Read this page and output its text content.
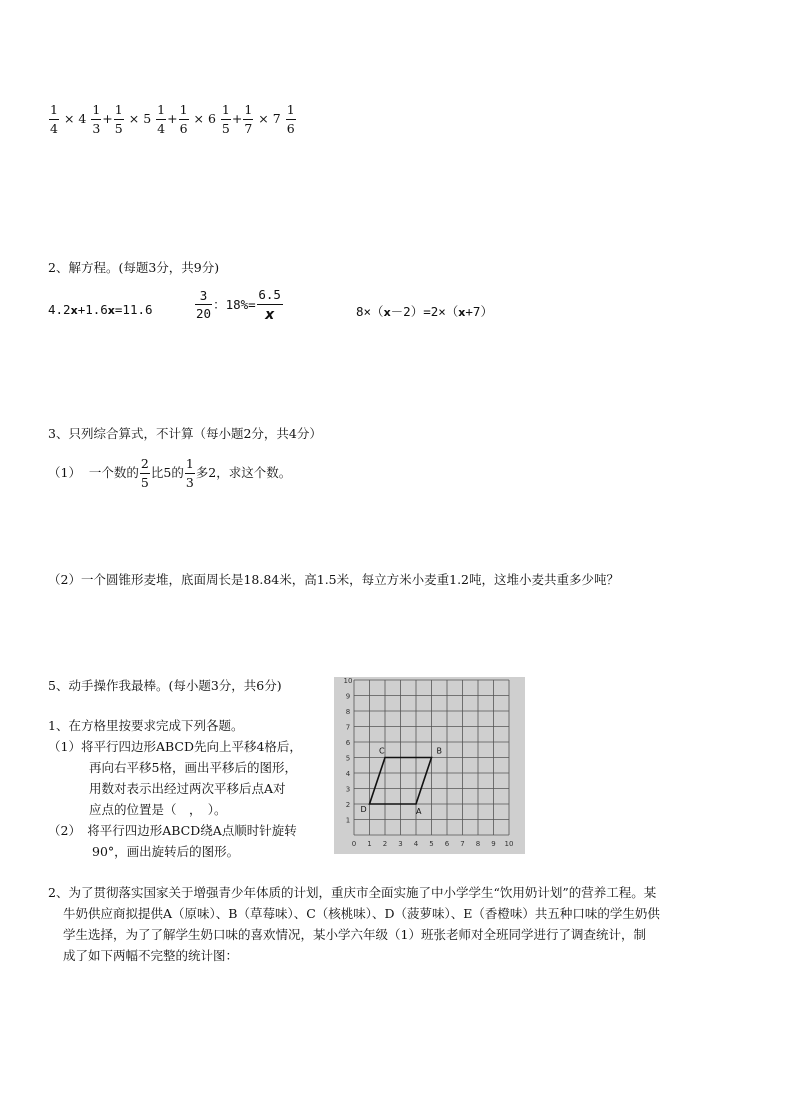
$\frac{1}{4} \times 4 \frac{1}{3} + \frac{1}{5} \times 5 \frac{1}{4} + \frac{1}{6} \times 6 \frac{1}{5} + \frac{1}{7} \times 7 \frac{1}{6}$
2、解方程。(每题3分，共9分)
4.2x+1.6x=11.6	$\frac{3}{20}$ ：$18\%= \frac{6.5}{x}$	8×（x－2）=2×（x+7）
3、只列综合算式，不计算（每小题2分，共4分）
（1） 一个数的 $\frac{2}{5}$ 比5的 $\frac{1}{3}$ 多2，求这个数。
（2）一个圆锥形麦堆，底面周长是18.84米，高1.5米，每立方米小麦重1.2吨，这堆小麦共重多少吨？
5、动手操作我最棒。(每小题3分，共6分)
1、在方格里按要求完成下列各题。
（1）将平行四边形ABCD先向上平移4格后，
再向右平移5格，画出平移后的图形，
用数对表示出经过两次平移后点A对
应点的位置是（　，　）。
（2）　将平行四边形ABCD绕A点顺时针旋转
90°，画出旋转后的图形。	0 1 2 3 4 5 6 7 8 9 10
1
2
3
4
5
6
7
8
9
10
A
B
C
D
2、为了贯彻落实国家关于增强青少年体质的计划，重庆市全面实施了中小学学生“饮用奶计划”的营养工程。某
牛奶供应商拟提供A（原味）、B（草莓味）、C（核桃味）、D（菠萝味）、E（香橙味）共五种口味的学生奶供
学生选择，为了了解学生奶口味的喜欢情况，某小学六年级（1）班张老师对全班同学进行了调查统计，制
成了如下两幅不完整的统计图：
